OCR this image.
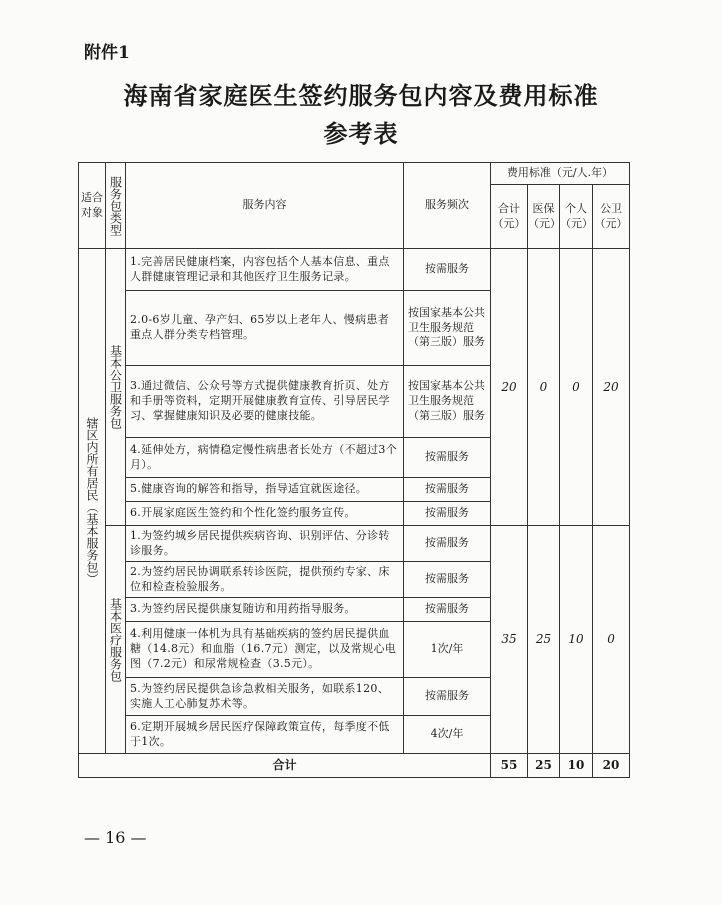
附件1
海南省家庭医生签约服务包内容及费用标准
参考表
适合对象	服务包类型	服务内容	服务频次	费用标准（元/人.年）			
				合计（元）	医保（元）	个人（元）	公卫（元）

辖区内所有居民（基本服务包）	基本公卫服务包	1.完善居民健康档案，内容包括个人基本信息、重点人群健康管理记录和其他医疗卫生服务记录。	按需服务	20	0	0	20
		2.0-6岁儿童、孕产妇、65岁以上老年人、慢病患者重点人群分类专档管理。	按国家基本公共卫生服务规范（第三版）服务				
		3.通过微信、公众号等方式提供健康教育折页、处方和手册等资料，定期开展健康教育宣传、引导居民学习、掌握健康知识及必要的健康技能。	按国家基本公共卫生服务规范（第三版）服务				
		4.延伸处方，病情稳定慢性病患者长处方（不超过3个月）。	按需服务				
		5.健康咨询的解答和指导，指导适宜就医途径。	按需服务				
		6.开展家庭医生签约和个性化签约服务宣传。	按需服务				

	基本医疗服务包	1.为签约城乡居民提供疾病咨询、识别评估、分诊转诊服务。	按需服务	35	25	10	0
		2.为签约居民协调联系转诊医院，提供预约专家、床位和检查检验服务。	按需服务				
		3.为签约居民提供康复随访和用药指导服务。	按需服务				
		4.利用健康一体机为具有基础疾病的签约居民提供血糖（14.8元）和血脂（16.7元）测定，以及常规心电图（7.2元）和尿常规检查（3.5元）。	1次/年				
		5.为签约居民提供急诊急救相关服务，如联系120、实施人工心肺复苏术等。	按需服务				
		6.定期开展城乡居民医疗保障政策宣传，每季度不低于1次。	4次/年				
合计				55	25	10	20
— 16 —
